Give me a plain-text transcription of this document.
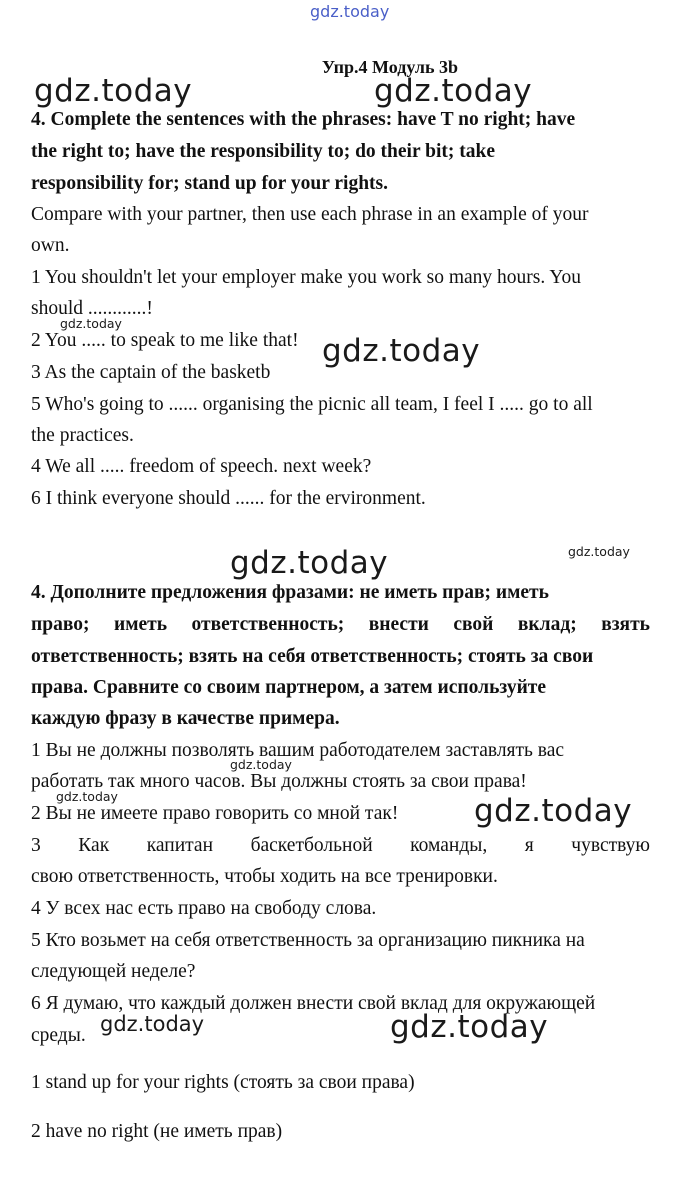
gdz.today
gdz.today	gdz.today
gdz.today
gdz.today
gdz.today	gdz.today
gdz.today
gdz.today	gdz.today
gdz.today	gdz.today
Упр.4 Модуль 3b
4. Complete the sentences with the phrases: have T no right; have
the right to; have the responsibility to; do their bit; take
responsibility for; stand up for your rights.
Compare with your partner, then use each phrase in an example of your
own.
1 You shouldn't let your employer make you work so many hours. You
should ............!
2 You ..... to speak to me like that!
3 As the captain of the basketb
5 Who's going to ...... organising the picnic all team, I feel I ..... go to all
the practices.
4 We all ..... freedom of speech. next week?
6 I think everyone should ...... for the ervironment.
4. Дополните предложения фразами: не иметь прав; иметь
право; иметь ответственность; внести свой вклад; взять
ответственность; взять на себя ответственность; стоять за свои
права. Сравните со своим партнером, а затем используйте
каждую фразу в качестве примера.
1 Вы не должны позволять вашим работодателем заставлять вас
работать так много часов. Вы должны стоять за свои права!
2 Вы не имеете право говорить со мной так!
3 Как капитан баскетбольной команды, я чувствую
свою ответственность, чтобы ходить на все тренировки.
4 У всех нас есть право на свободу слова.
5 Кто возьмет на себя ответственность за организацию пикника на
следующей неделе?
6 Я думаю, что каждый должен внести свой вклад для окружающей
среды.
1 stand up for your rights (стоять за свои права)
2 have no right (не иметь прав)
